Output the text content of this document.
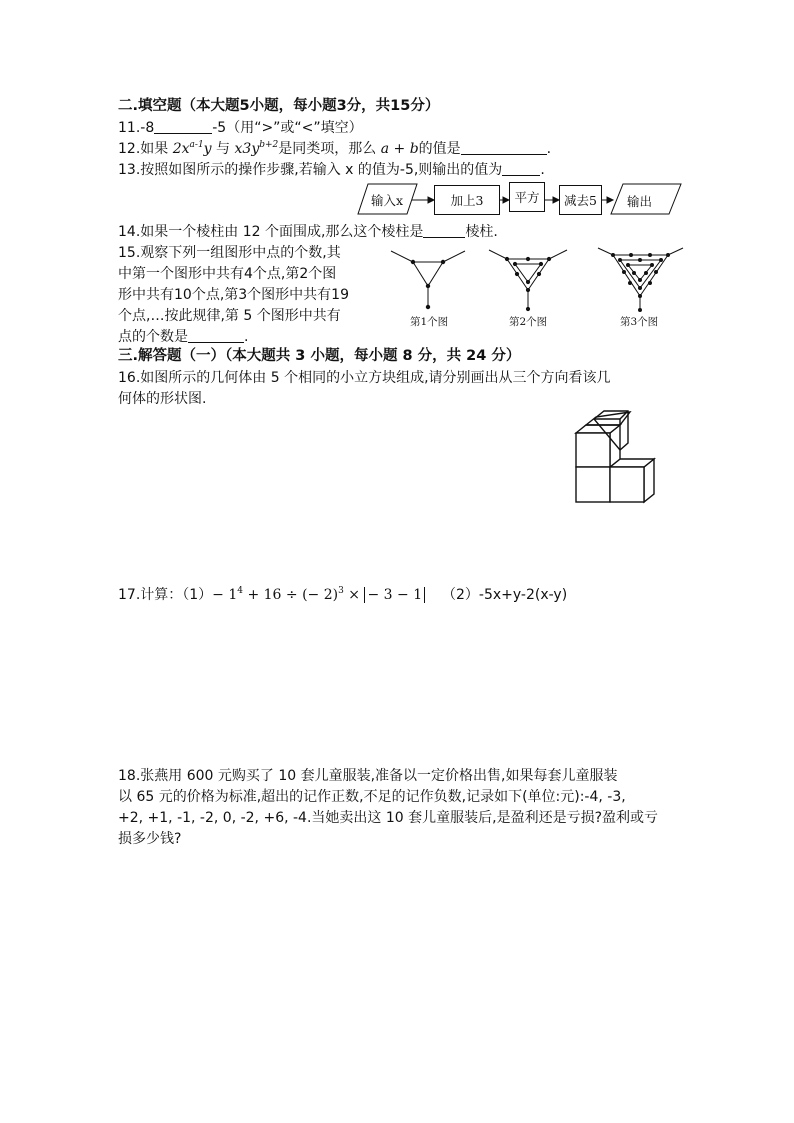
二.填空题（本大题5小题，每小题3分，共15分）
11.-8	-5（用“>”或“<”填空）
12.如果 $2x^{a-1}y$ 与 $x3y^{b+2}$是同类项，那么 a + b的值是	.
13.按照如图所示的操作步骤,若输入 x 的值为-5,则输出的值为	.
输入x	加上3	平方	减去5	输出
14.如果一个棱柱由 12 个面围成,那么这个棱柱是	棱柱.
15.观察下列一组图形中点的个数,其
中第一个图形中共有4个点,第2个图
形中共有10个点,第3个图形中共有19
个点,…按此规律,第 5 个图形中共有
点的个数是	.
第1个图	第2个图	第3个图
三.解答题（一）（本大题共 3 小题，每小题 8 分，共 24 分）
16.如图所示的几何体由 5 个相同的小立方块组成,请分别画出从三个方向看该几
何体的形状图.
17.计算：$(1)- 1^4 + 16$ ÷ (− 2)$^3$ × − 3 − 1 （2）-5x+y-2(x-y)
18.张燕用 600 元购买了 10 套儿童服装,准备以一定价格出售,如果每套儿童服装
以 65 元的价格为标准,超出的记作正数,不足的记作负数,记录如下(单位:元):-4, -3,
+2, +1, -1, -2, 0, -2, +6, -4.当她卖出这 10 套儿童服装后,是盈利还是亏损?盈利或亏
损多少钱?
